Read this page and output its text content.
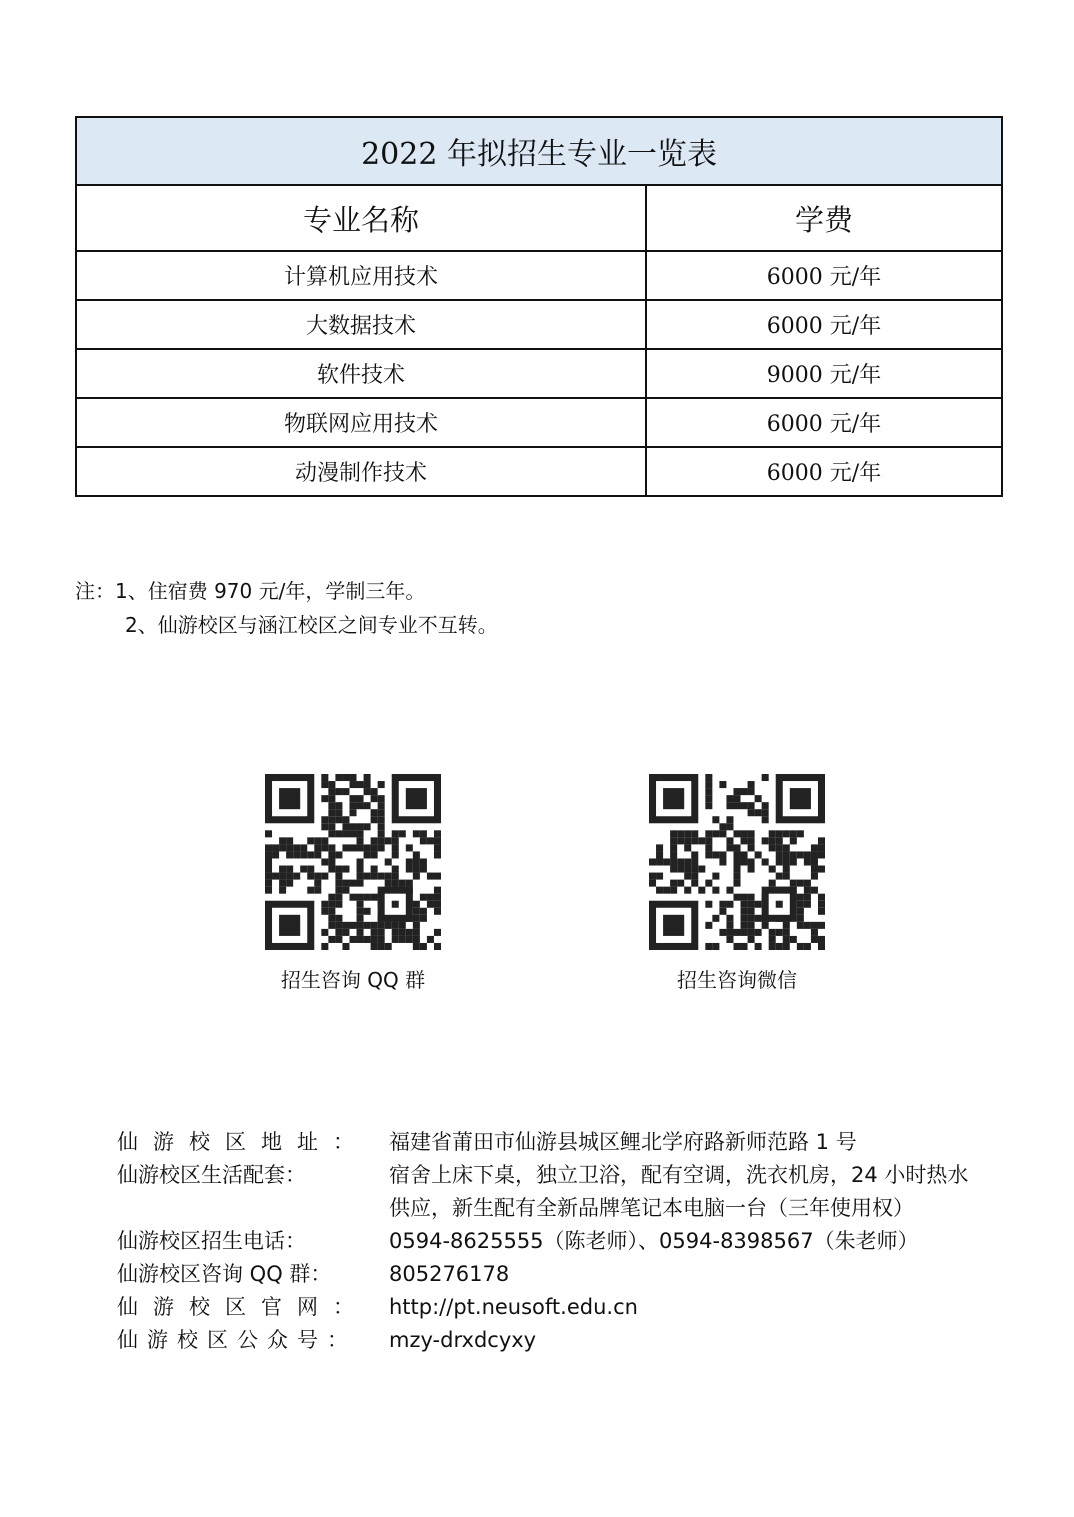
2022 年拟招生专业一览表	
专业名称	学费
计算机应用技术	6000 元/年
大数据技术	6000 元/年
软件技术	9000 元/年
物联网应用技术	6000 元/年
动漫制作技术	6000 元/年
注：1、住宿费 970 元/年，学制三年。
2、仙游校区与涵江校区之间专业不互转。
招生咨询 QQ 群	招生咨询微信
仙游校区地址： 福建省莆田市仙游县城区鲤北学府路新师范路 1 号
仙游校区生活配套：	宿舍上床下桌，独立卫浴，配有空调，洗衣机房，24 小时热水供应，新生配有全新品牌笔记本电脑一台（三年使用权）
仙游校区招生电话：	0594-8625555（陈老师）、0594-8398567（朱老师）
仙游校区咨询 QQ 群：	805276178
仙游校区官网： http://pt.neusoft.edu.cn
仙游校区公众号：	mzy-drxdcyxy
